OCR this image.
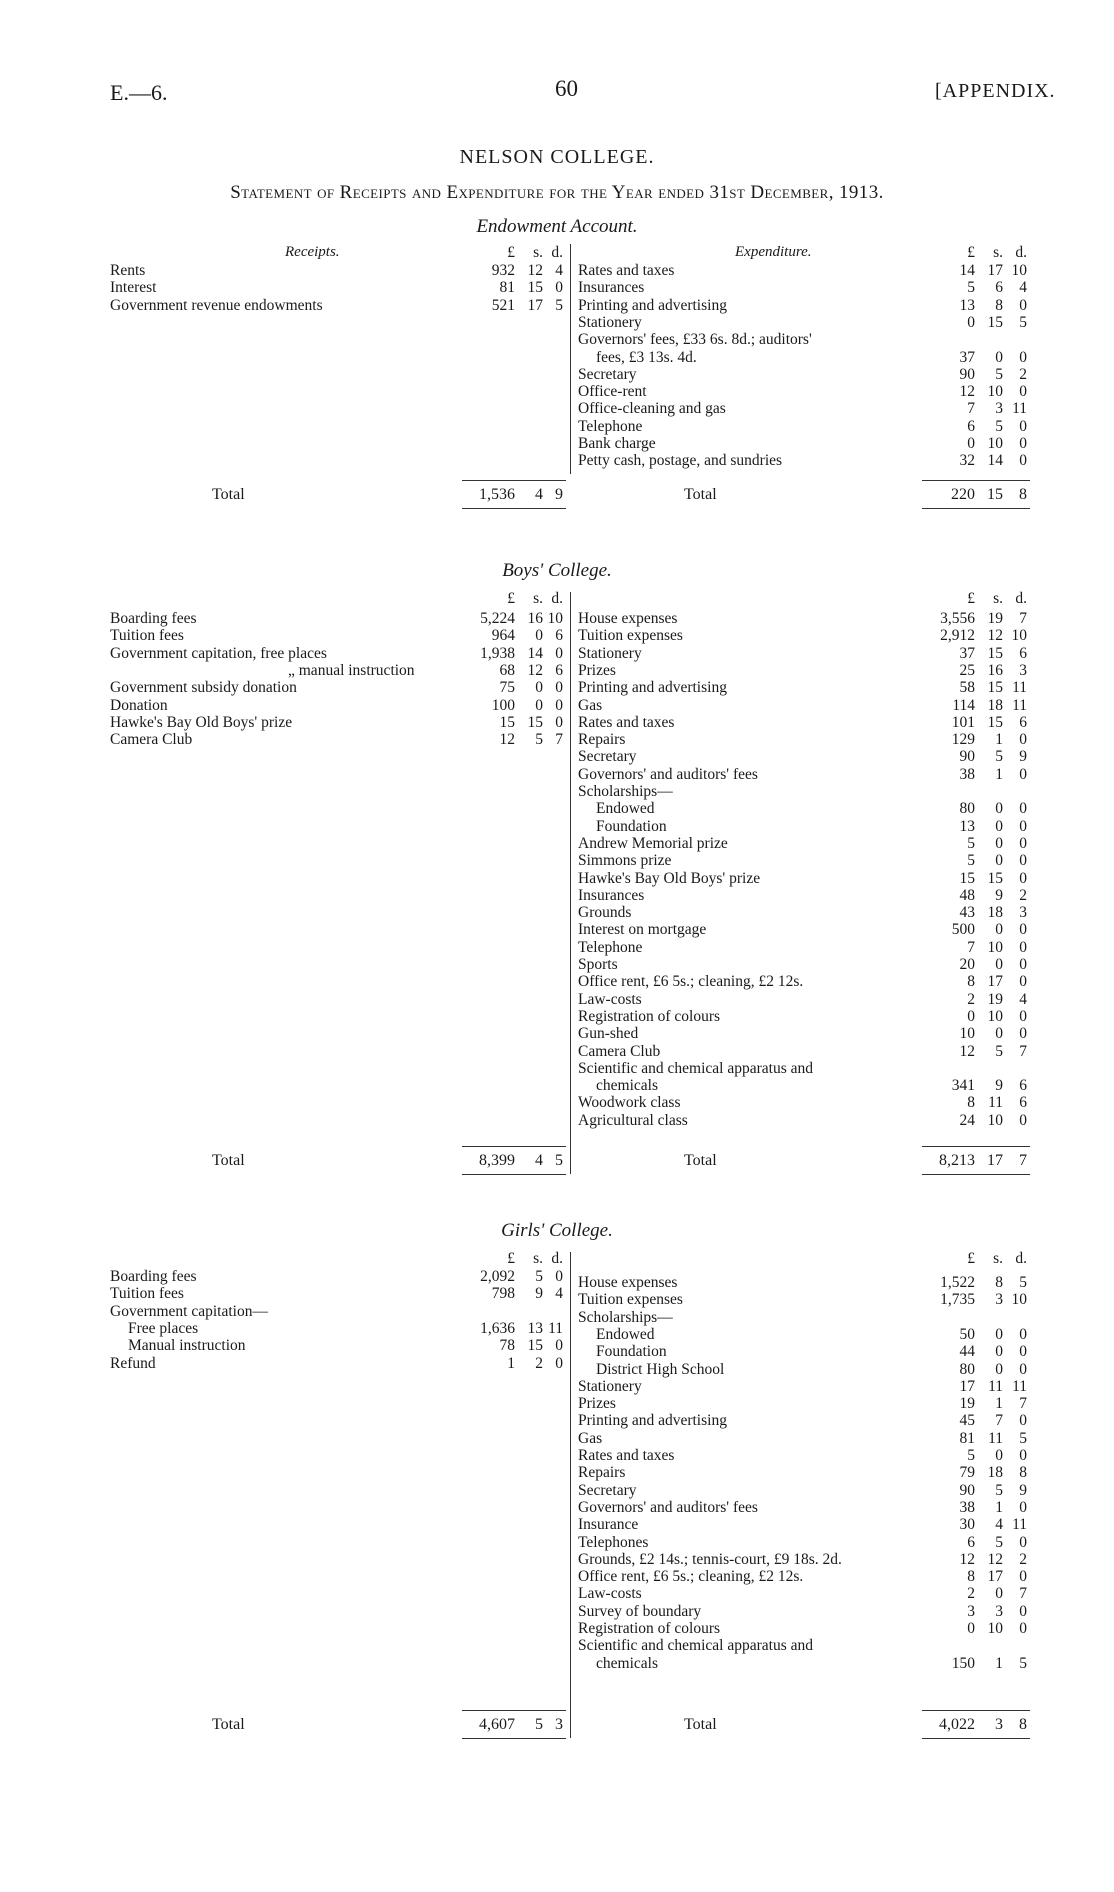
E.—6.	60	[APPENDIX.
NELSON COLLEGE.
Statement of Receipts and Expenditure for the Year ended 31st December, 1913.
Endowment Account.
Receipts.	Expenditure.
£	s. d.	£	s. d.
Rents	932 12 4
Interest	81 15 0
Government revenue endowments	521 17 5
Rates and taxes	14 17 10
Insurances	5	6	4
Printing and advertising	13	8	0
Stationery	0 15	5
Governors' fees, £33 6s. 8d.; auditors'
fees, £3 13s. 4d.	37	0	0
Secretary	90	5	2
Office-rent	12 10	0
Office-cleaning and gas	7	3 11
Telephone	6	5	0
Bank charge	0 10	0
Petty cash, postage, and sundries	32 14	0
Total	1,536	4 9	Total	220 15	8
Boys' College.
£	s. d.	£	s. d.
Boarding fees	5,224 16 10
Tuition fees	964	0 6
Government capitation, free places	1,938 14 0
„ manual instruction	68 12 6
Government subsidy donation	75	0 0
Donation	100	0 0
Hawke's Bay Old Boys' prize	15 15 0
Camera Club	12	5 7
House expenses	3,556 19	7
Tuition expenses	2,912 12 10
Stationery	37 15	6
Prizes	25 16	3
Printing and advertising	58 15 11
Gas	114 18 11
Rates and taxes	101 15	6
Repairs	129	1	0
Secretary	90	5	9
Governors' and auditors' fees	38	1	0
Scholarships—
Endowed	80	0	0
Foundation	13	0	0
Andrew Memorial prize	5	0	0
Simmons prize	5	0	0
Hawke's Bay Old Boys' prize	15 15	0
Insurances	48	9	2
Grounds	43 18	3
Interest on mortgage	500	0	0
Telephone	7 10	0
Sports	20	0	0
Office rent, £6 5s.; cleaning, £2 12s.	8 17	0
Law-costs	2 19	4
Registration of colours	0 10	0
Gun-shed	10	0	0
Camera Club	12	5	7
Scientific and chemical apparatus and
chemicals	341	9	6
Woodwork class	8 11	6
Agricultural class	24 10	0
Total	8,399	4 5	Total	8,213 17	7
Girls' College.
£	s. d.	£	s. d.
Boarding fees	2,092	5 0
Tuition fees	798	9 4
Government capitation—
Free places	1,636 13 11
Manual instruction	78 15 0
Refund	1	2 0
House expenses	1,522	8	5
Tuition expenses	1,735	3 10
Scholarships—
Endowed	50	0	0
Foundation	44	0	0
District High School	80	0	0
Stationery	17 11 11
Prizes	19	1	7
Printing and advertising	45	7	0
Gas	81 11	5
Rates and taxes	5	0	0
Repairs	79 18	8
Secretary	90	5	9
Governors' and auditors' fees	38	1	0
Insurance	30	4 11
Telephones	6	5	0
Grounds, £2 14s.; tennis-court, £9 18s. 2d.	12 12	2
Office rent, £6 5s.; cleaning, £2 12s.	8 17	0
Law-costs	2	0	7
Survey of boundary	3	3	0
Registration of colours	0 10	0
Scientific and chemical apparatus and
chemicals	150	1	5
Total	4,607	5 3	Total	4,022	3	8
